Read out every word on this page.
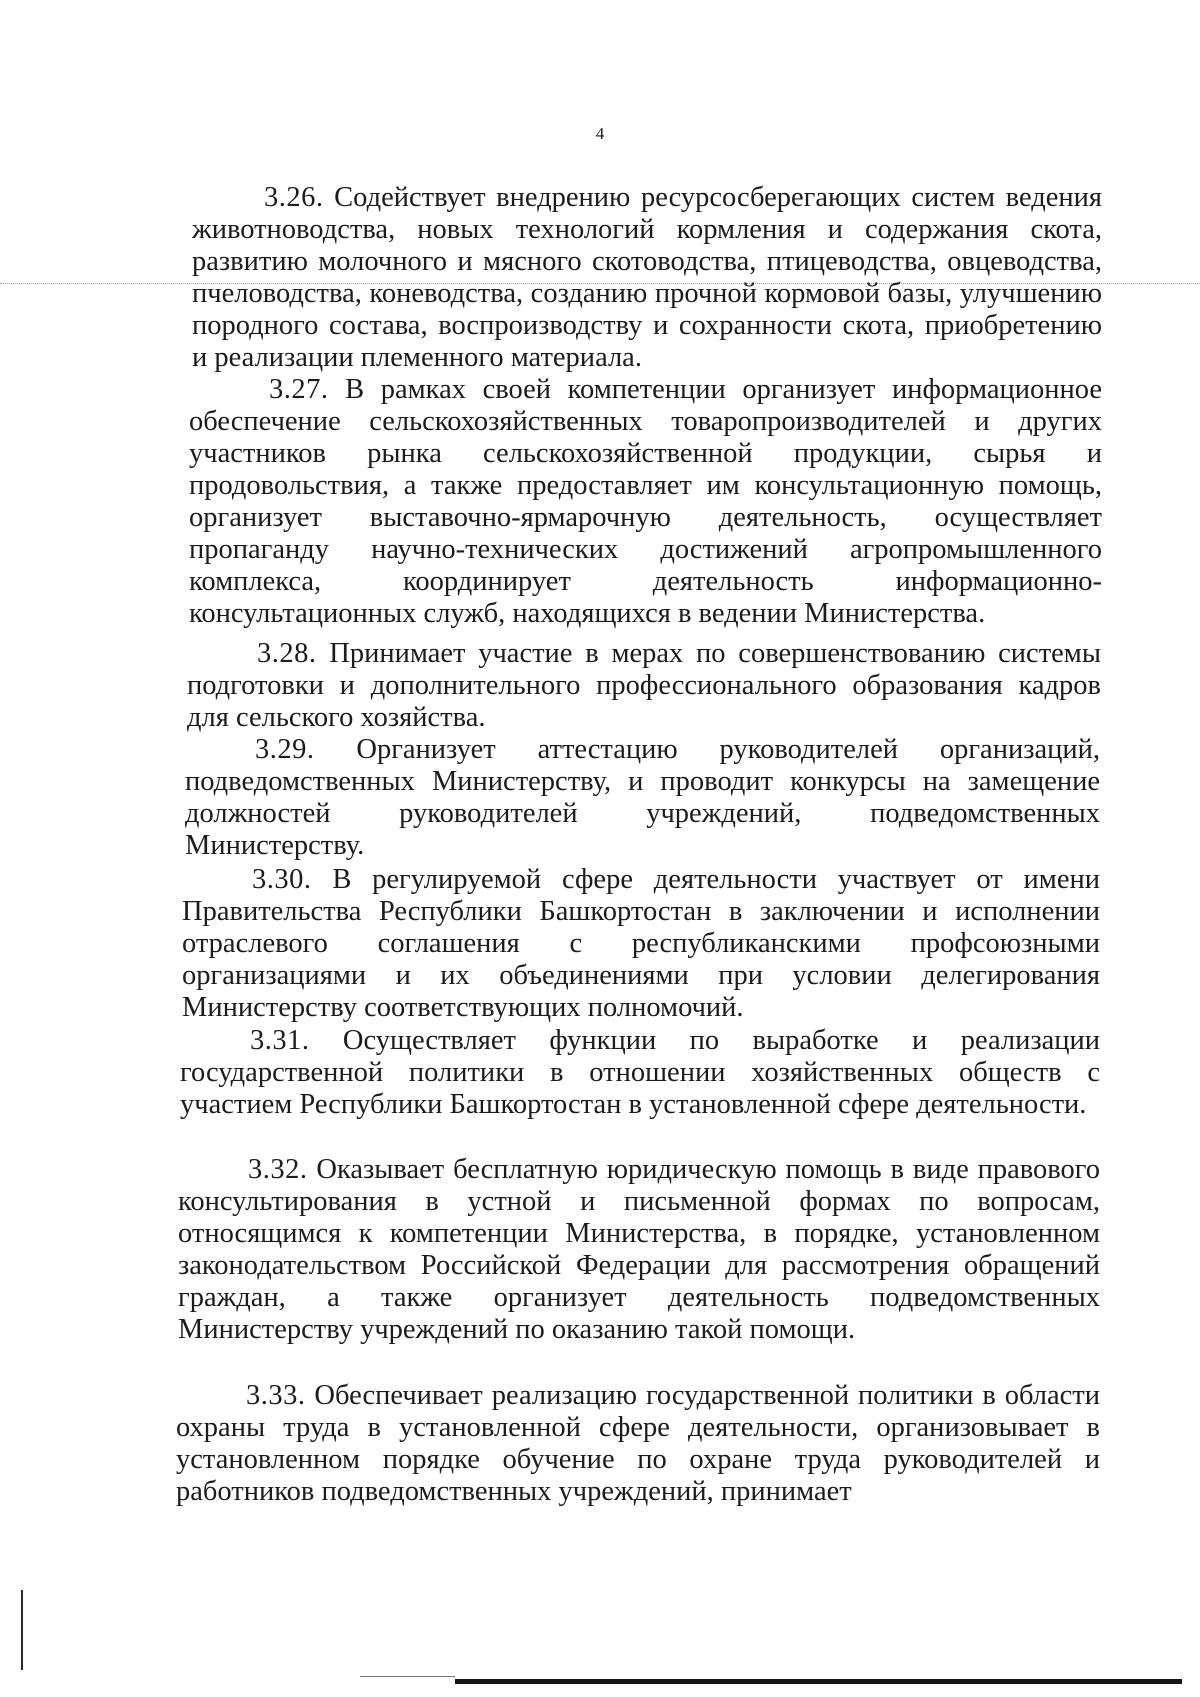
4

3.26. Содействует внедрению ресурсосберегающих систем ведения животноводства, новых технологий кормления и содержания скота, развитию молочного и мясного скотоводства, птицеводства, овцеводства, пчеловодства, коневодства, созданию прочной кормовой базы, улучшению породного состава, воспроизводству и сохранности скота, приобретению и реализации племенного материала.

3.27. В рамках своей компетенции организует информационное обеспечение сельскохозяйственных товаропроизводителей и других участников рынка сельскохозяйственной продукции, сырья и продовольствия, а также предоставляет им консультационную помощь, организует выставочно-ярмарочную деятельность, осуществляет пропаганду научно-технических достижений агропромышленного комплекса, координирует деятельность информационно-консультационных служб, находящихся в ведении Министерства.

3.28. Принимает участие в мерах по совершенствованию системы подготовки и дополнительного профессионального образования кадров для сельского хозяйства.

3.29. Организует аттестацию руководителей организаций, подведомственных Министерству, и проводит конкурсы на замещение должностей руководителей учреждений, подведомственных Министерству.

3.30. В регулируемой сфере деятельности участвует от имени Правительства Республики Башкортостан в заключении и исполнении отраслевого соглашения с республиканскими профсоюзными организациями и их объединениями при условии делегирования Министерству соответствующих полномочий.

3.31. Осуществляет функции по выработке и реализации государственной политики в отношении хозяйственных обществ с участием Республики Башкортостан в установленной сфере деятельности.

3.32. Оказывает бесплатную юридическую помощь в виде правового консультирования в устной и письменной формах по вопросам, относящимся к компетенции Министерства, в порядке, установленном законодательством Российской Федерации для рассмотрения обращений граждан, а также организует деятельность подведомственных Министерству учреждений по оказанию такой помощи.

3.33. Обеспечивает реализацию государственной политики в области охраны труда в установленной сфере деятельности, организовывает в установленном порядке обучение по охране труда руководителей и работников подведомственных учреждений, принимает
